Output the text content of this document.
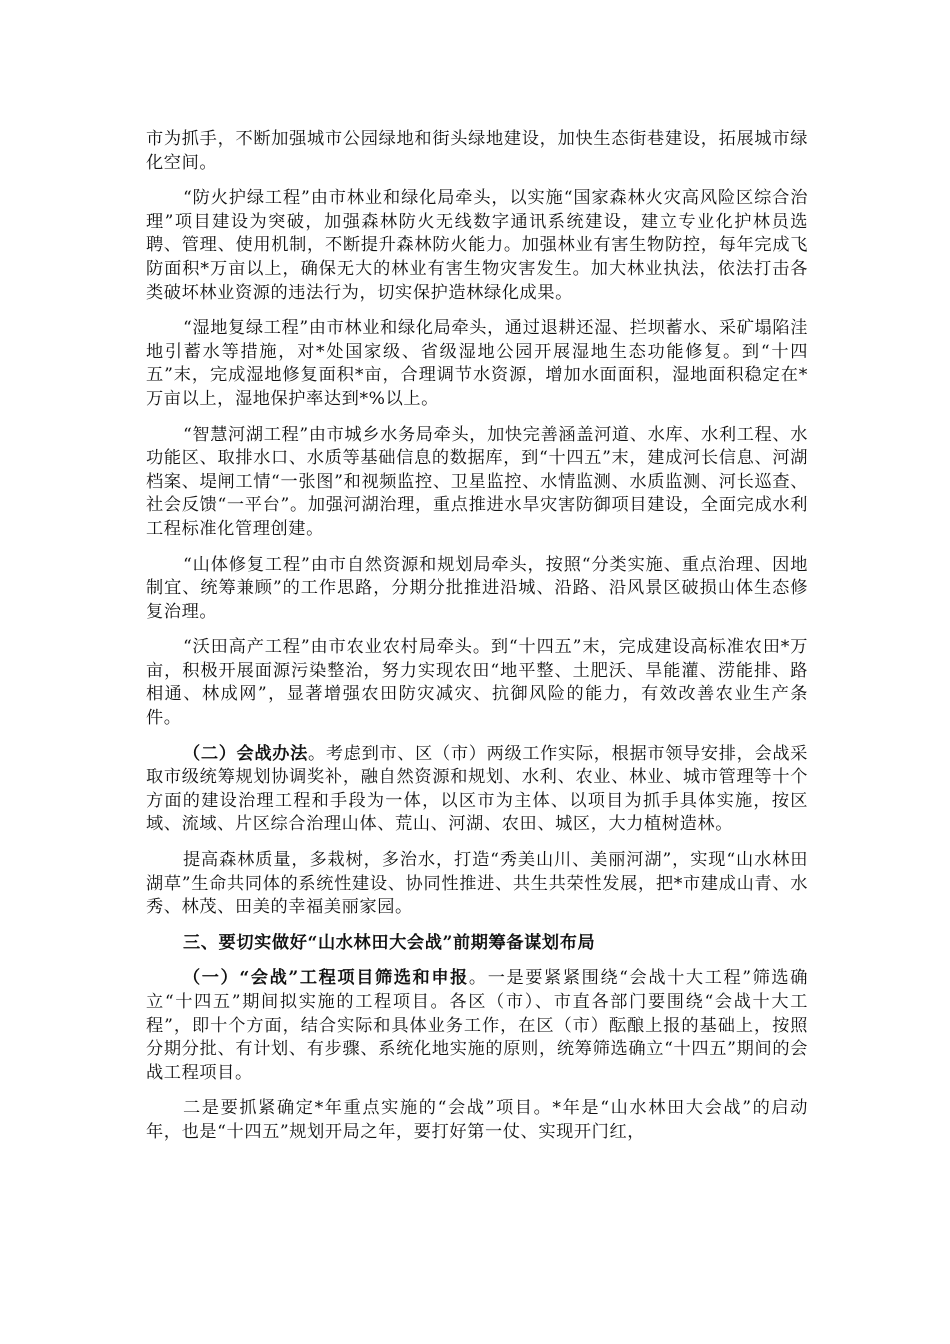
市为抓手，不断加强城市公园绿地和街头绿地建设，加快生态街巷建设，拓展城市绿化空间。

“防火护绿工程”由市林业和绿化局牵头，以实施“国家森林火灾高风险区综合治理”项目建设为突破，加强森林防火无线数字通讯系统建设，建立专业化护林员选聘、管理、使用机制，不断提升森林防火能力。加强林业有害生物防控，每年完成飞防面积*万亩以上，确保无大的林业有害生物灾害发生。加大林业执法，依法打击各类破坏林业资源的违法行为，切实保护造林绿化成果。

“湿地复绿工程”由市林业和绿化局牵头，通过退耕还湿、拦坝蓄水、采矿塌陷洼地引蓄水等措施，对*处国家级、省级湿地公园开展湿地生态功能修复。到“十四五”末，完成湿地修复面积*亩，合理调节水资源，增加水面面积，湿地面积稳定在*万亩以上，湿地保护率达到*%以上。

“智慧河湖工程”由市城乡水务局牵头，加快完善涵盖河道、水库、水利工程、水功能区、取排水口、水质等基础信息的数据库，到“十四五”末，建成河长信息、河湖档案、堤闸工情“一张图”和视频监控、卫星监控、水情监测、水质监测、河长巡查、社会反馈“一平台”。加强河湖治理，重点推进水旱灾害防御项目建设，全面完成水利工程标准化管理创建。

“山体修复工程”由市自然资源和规划局牵头，按照“分类实施、重点治理、因地制宜、统筹兼顾”的工作思路，分期分批推进沿城、沿路、沿风景区破损山体生态修复治理。

“沃田高产工程”由市农业农村局牵头。到“十四五”末，完成建设高标准农田*万亩，积极开展面源污染整治，努力实现农田“地平整、土肥沃、旱能灌、涝能排、路相通、林成网”，显著增强农田防灾减灾、抗御风险的能力，有效改善农业生产条件。

（二）会战办法。考虑到市、区（市）两级工作实际，根据市领导安排，会战采取市级统筹规划协调奖补，融自然资源和规划、水利、农业、林业、城市管理等十个方面的建设治理工程和手段为一体，以区市为主体、以项目为抓手具体实施，按区域、流域、片区综合治理山体、荒山、河湖、农田、城区，大力植树造林。

提高森林质量，多栽树，多治水，打造“秀美山川、美丽河湖”，实现“山水林田湖草”生命共同体的系统性建设、协同性推进、共生共荣性发展，把*市建成山青、水秀、林茂、田美的幸福美丽家园。

三、要切实做好“山水林田大会战”前期筹备谋划布局

（一）“会战”工程项目筛选和申报。一是要紧紧围绕“会战十大工程”筛选确立“十四五”期间拟实施的工程项目。各区（市）、市直各部门要围绕“会战十大工程”，即十个方面，结合实际和具体业务工作，在区（市）酝酿上报的基础上，按照分期分批、有计划、有步骤、系统化地实施的原则，统筹筛选确立“十四五”期间的会战工程项目。

二是要抓紧确定*年重点实施的“会战”项目。*年是“山水林田大会战”的启动年，也是“十四五”规划开局之年，要打好第一仗、实现开门红，
